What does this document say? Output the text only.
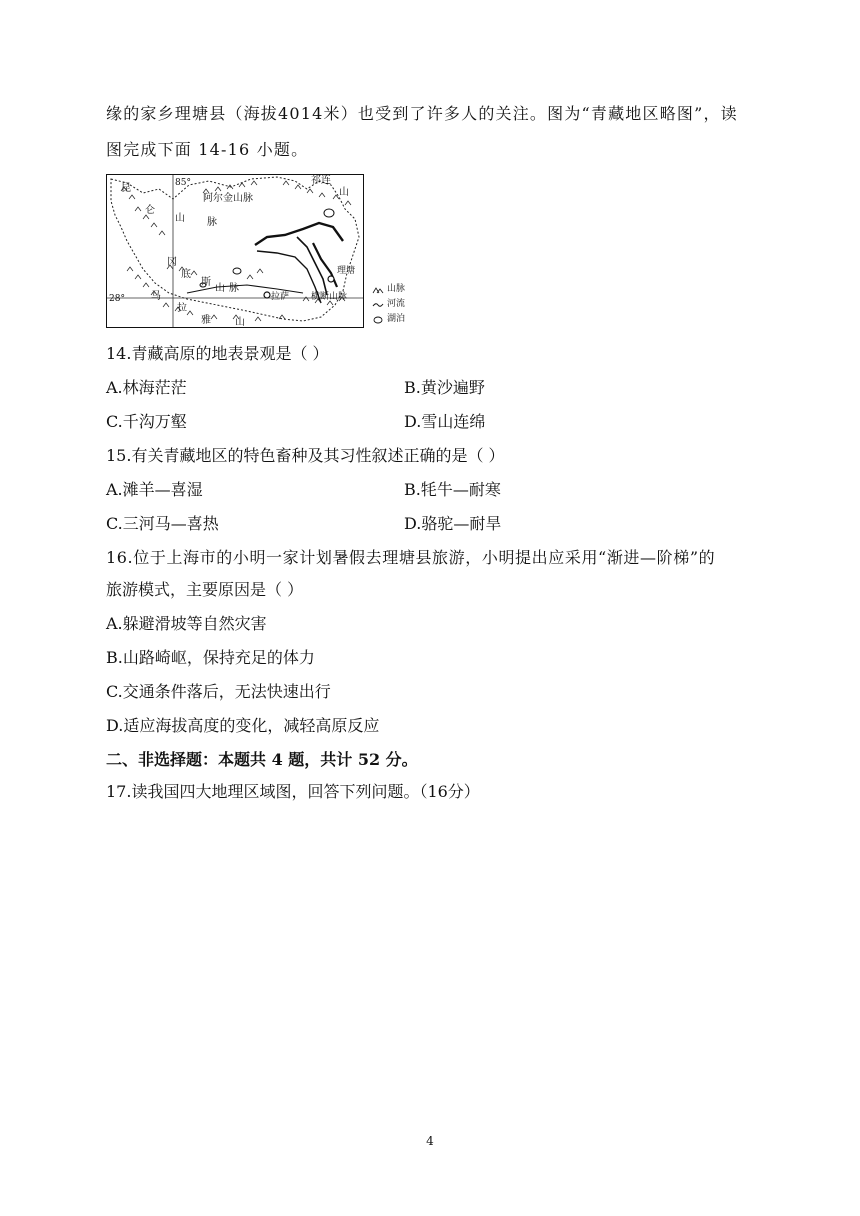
缘的家乡理塘县（海拔4014米）也受到了许多人的关注。图为“青藏地区略图”，读
图完成下面 14-16 小题。
昆
仑
山 脉
85°
阿尔金山脉
祁连
山
冈
底
斯
山 脉
拉萨
理塘
横断山脉
28°	马
拉
雅 山
山脉
河流
湖泊
14.青藏高原的地表景观是（ ）
A.林海茫茫	B.黄沙遍野
C.千沟万壑	D.雪山连绵
15.有关青藏地区的特色畜种及其习性叙述正确的是（ ）
A.滩羊—喜湿	B.牦牛—耐寒
C.三河马—喜热	D.骆驼—耐旱
16.位于上海市的小明一家计划暑假去理塘县旅游，小明提出应采用“渐进—阶梯”的
旅游模式，主要原因是（ ）
A.躲避滑坡等自然灾害
B.山路崎岖，保持充足的体力
C.交通条件落后，无法快速出行
D.适应海拔高度的变化，减轻高原反应
二、非选择题：本题共 4 题，共计 52 分。
17.读我国四大地理区域图，回答下列问题。（16分）
4
